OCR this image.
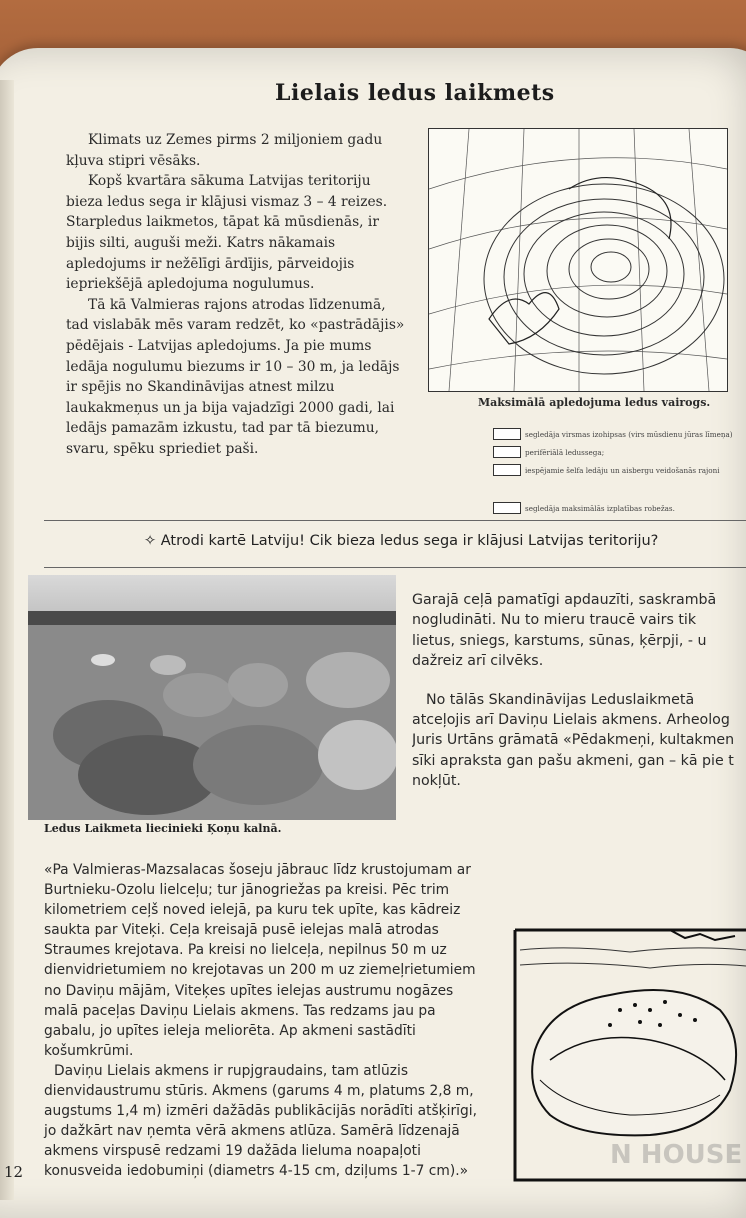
Lielais ledus laikmets

Klimats uz Zemes pirms 2 miljoniem gadu kļuva stipri vēsāks.

Kopš kvartāra sākuma Latvijas teritoriju bieza ledus sega ir klājusi vismaz 3 – 4 reizes. Starpledus laikmetos, tāpat kā mūsdienās, ir bijis silti, auguši meži. Katrs nākamais apledojums ir nežēlīgi ārdījis, pārveidojis iepriekšējā apledojuma nogulumus.

Tā kā Valmieras rajons atrodas līdzenumā, tad vislabāk mēs varam redzēt, ko «pastrādājis» pēdējais - Latvijas apledojums. Ja pie mums ledāja nogulumu biezums ir 10 – 30 m, ja ledājs ir spējis no Skandināvijas atnest milzu laukakmeņus un ja bija vajadzīgi 2000 gadi, lai ledājs pamazām izkustu, tad par tā biezumu, svaru, spēku spriediet paši.

Maksimālā apledojuma ledus vairogs.
segledāja virsmas izohipsas (virs mūsdienu jūras līmeņa)
perifēriālā ledussega;
iespējamie šelfa ledāju un aisbergu veidošanās rajoni
segledāja maksimālās izplatības robežas.
✧ Atrodi kartē Latviju! Cik bieza ledus sega ir klājusi Latvijas teritoriju?
Ledus Laikmeta liecinieki Ķoņu kalnā.

Garajā ceļā pamatīgi apdauzīti, saskrambā

nogludināti. Nu to mieru traucē vairs tik

lietus, sniegs, karstums, sūnas, ķērpji, - u

dažreiz arī cilvēks.

No tālās Skandināvijas Leduslaikmetā

atceļojis arī Daviņu Lielais akmens. Arheolog

Juris Urtāns grāmatā «Pēdakmeņi, kultakmen

sīki apraksta gan pašu akmeni, gan – kā pie t

nokļūt.

«Pa Valmieras-Mazsalacas šoseju jābrauc līdz krustojumam ar Burtnieku-Ozolu lielceļu; tur jānogriežas pa kreisi. Pēc trim kilometriem ceļš noved ielejā, pa kuru tek upīte, kas kādreiz saukta par Viteķi. Ceļa kreisajā pusē ielejas malā atrodas Straumes krejotava. Pa kreisi no lielceļa, nepilnus 50 m uz dienvidrietumiem no krejotavas un 200 m uz ziemeļrietumiem no Daviņu mājām, Viteķes upītes ielejas austrumu nogāzes malā paceļas Daviņu Lielais akmens. Tas redzams jau pa gabalu, jo upītes ieleja meliorēta. Ap akmeni sastādīti košumkrūmi.

Daviņu Lielais akmens ir rupjgraudains, tam atlūzis dienvidaustrumu stūris. Akmens (garums 4 m, platums 2,8 m, augstums 1,4 m) izmēri dažādās publikācijās norādīti atšķirīgi, jo dažkārt nav ņemta vērā akmens atlūza. Samērā līdzenajā akmens virspusē redzami 19 dažāda lieluma noapaļoti konusveida iedobumiņi (diametrs 4-15 cm, dziļums 1-7 cm).»

N HOUSE
12
